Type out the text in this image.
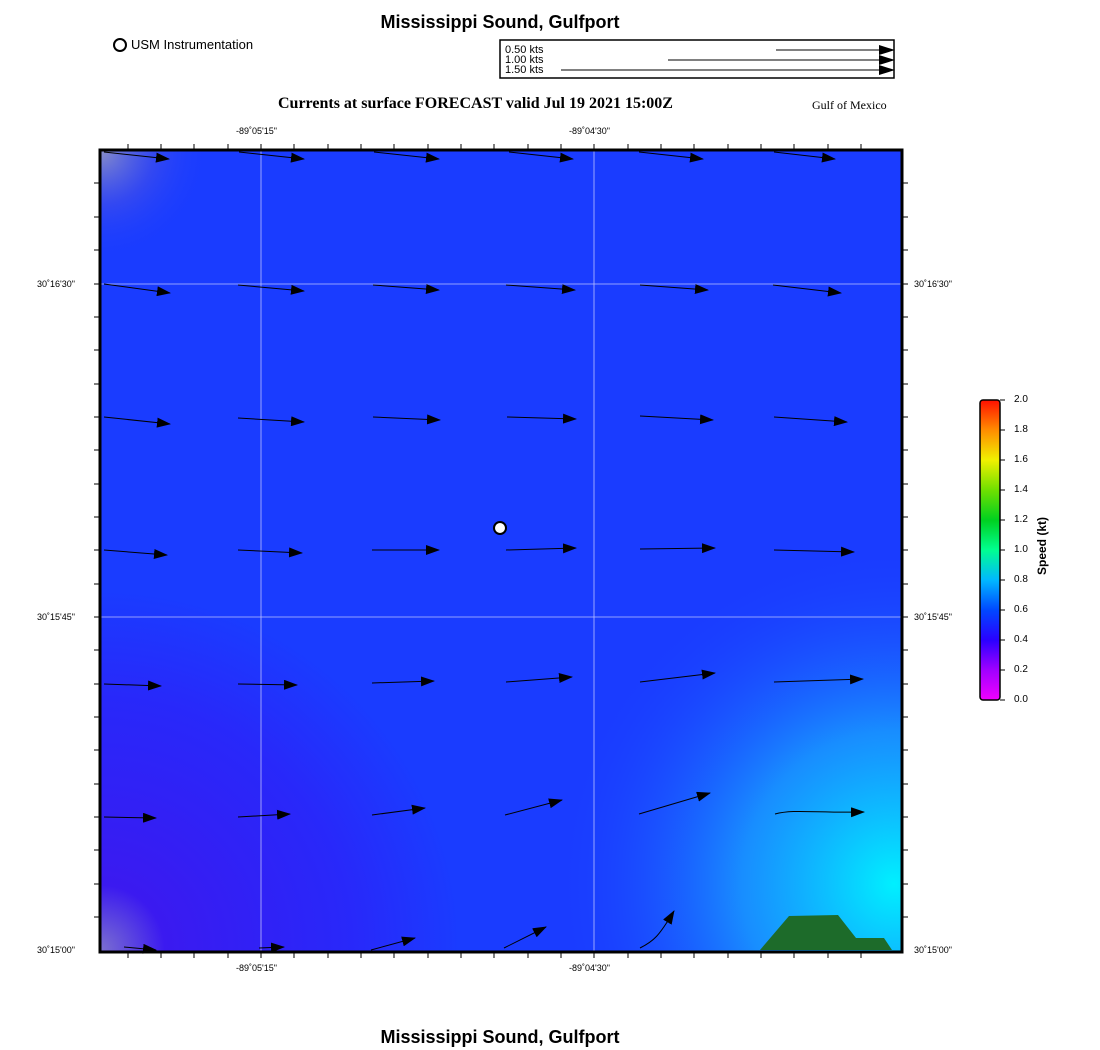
Mississippi Sound, Gulfport
USM Instrumentation	0.50 kts
1.00 kts
1.50 kts
Currents at surface FORECAST valid Jul 19 2021 15:00Z	Gulf of Mexico
-89˚05'15"	-89˚04'30"
-89˚05'15"	-89˚04'30"
30˚16'30"
30˚15'45"
30˚15'00"
30˚16'30"
30˚15'45"
30˚15'00"
2.0
1.8
1.6
1.4
1.2
1.0
0.8
0.6
0.4
0.2
0.0
Speed (kt)
Mississippi Sound, Gulfport
